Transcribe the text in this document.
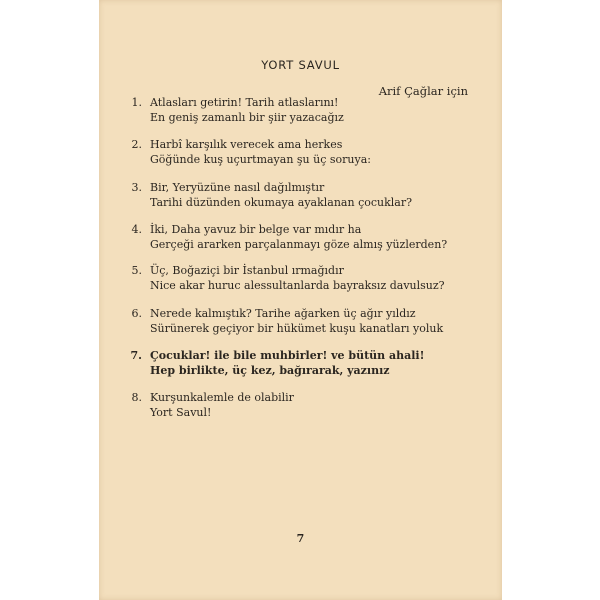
YORT SAVUL
Arif Çağlar için
1. Atlasları getirin! Tarih atlaslarını!
En geniş zamanlı bir şiir yazacağız
2. Harbî karşılık verecek ama herkes
Göğünde kuş uçurtmayan şu üç soruya:
3. Bir, Yeryüzüne nasıl dağılmıştır
Tarihi düzünden okumaya ayaklanan çocuklar?
4. İki, Daha yavuz bir belge var mıdır ha
Gerçeği ararken parçalanmayı göze almış yüzlerden?
5. Üç, Boğaziçi bir İstanbul ırmağıdır
Nice akar huruc alessultanlarda bayraksız davulsuz?
6. Nerede kalmıştık? Tarihe ağarken üç ağır yıldız
Sürünerek geçiyor bir hükümet kuşu kanatları yoluk
7. Çocuklar! ile bile muhbirler! ve bütün ahali!
Hep birlikte, üç kez, bağırarak, yazınız
8. Kurşunkalemle de olabilir
Yort Savul!
7
